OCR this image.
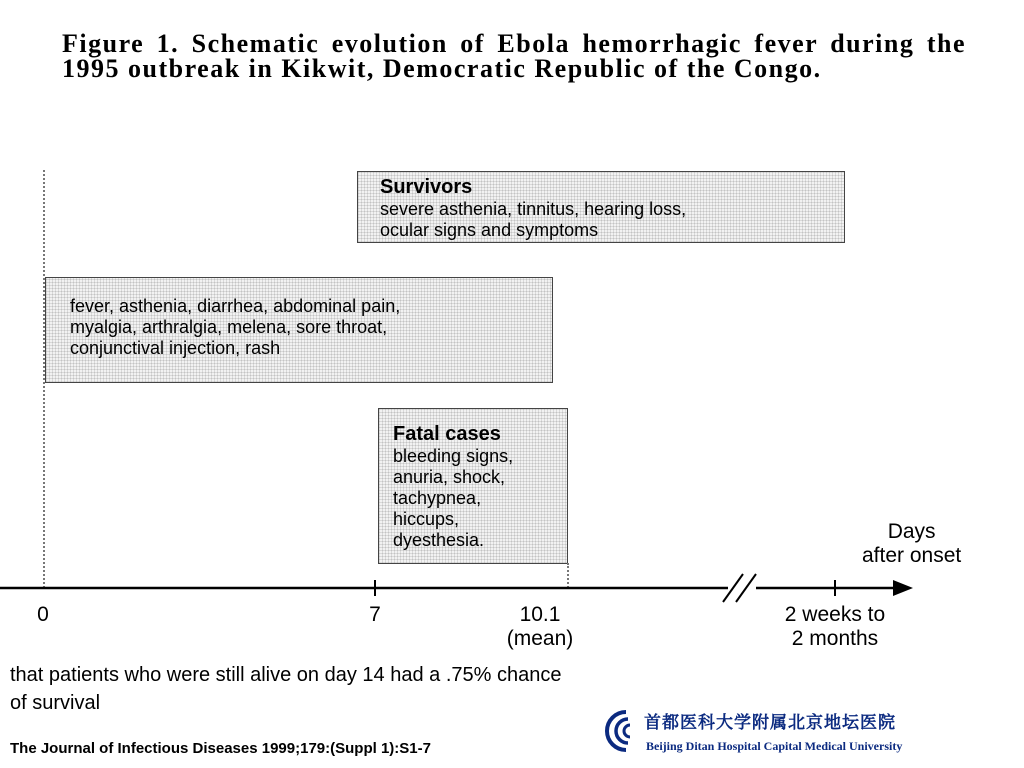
Figure 1. Schematic evolution of Ebola hemorrhagic fever during the 1995 outbreak in Kikwit, Democratic Republic of the Congo.

Survivors
severe asthenia, tinnitus, hearing loss,
ocular signs and symptoms
fever, asthenia, diarrhea, abdominal pain,
myalgia, arthralgia, melena, sore throat,
conjunctival injection, rash
Fatal cases
bleeding signs,
anuria, shock,
tachypnea,
hiccups,
dyesthesia.	Days
after onset
0	7	10.1
(mean)
2 weeks to
2 months
that patients who were still alive on day 14 had a .75% chance of survival
The Journal of Infectious Diseases 1999;179:(Suppl 1):S1-7
首都医科大学附属北京地坛医院
Beijing Ditan Hospital Capital Medical University
